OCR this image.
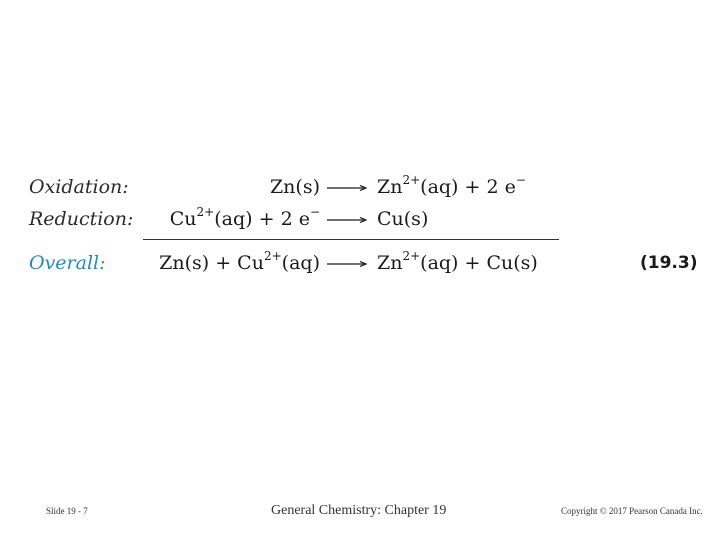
Oxidation:	Zn(s)	$Zn^{2+}(aq) + 2$ e−
Reduction: $Cu^{2+}(aq) + 2$ e−	Cu(s)
Overall:	$Zn(s) + Cu^{2+}(aq)$	$Zn^{2+}(aq) + Cu(s)$	(19.3)
Slide 19 - 7	General Chemistry: Chapter 19	Copyright © 2017 Pearson Canada Inc.
